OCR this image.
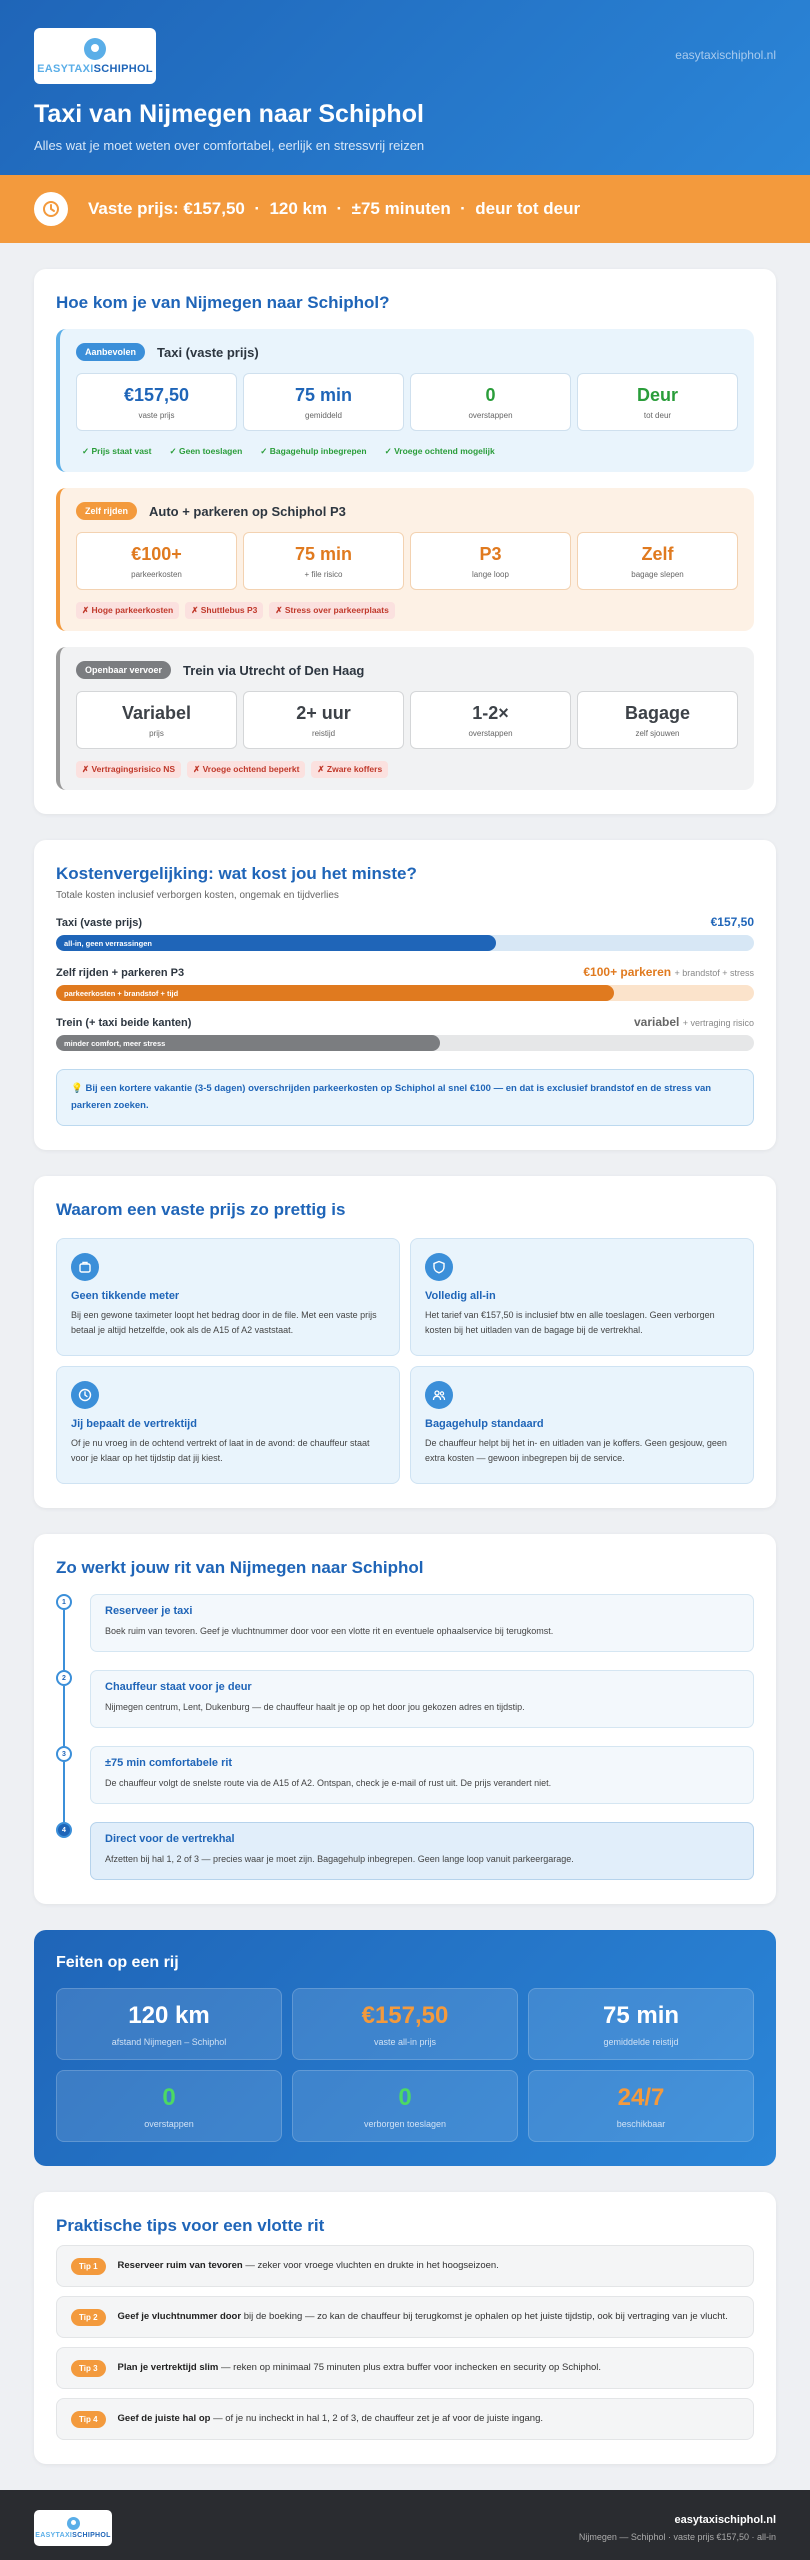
EASYTAXISCHIPHOL
easytaxischiphol.nl
Taxi van Nijmegen naar Schiphol
Alles wat je moet weten over comfortabel, eerlijk en stressvrij reizen
Vaste prijs: €157,50  ·  120 km  ·  ±75 minuten  ·  deur tot deur
Hoe kom je van Nijmegen naar Schiphol?
Aanbevolen	Taxi (vaste prijs)
€157,50
vaste prijs
75 min
gemiddeld
0
overstappen
Deur
tot deur
✓ Prijs staat vast	✓ Geen toeslagen	✓ Bagagehulp inbegrepen	✓ Vroege ochtend mogelijk
Zelf rijden	Auto + parkeren op Schiphol P3
€100+
parkeerkosten
75 min
+ file risico
P3
lange loop
Zelf
bagage slepen
✗ Hoge parkeerkosten	✗ Shuttlebus P3	✗ Stress over parkeerplaats
Openbaar vervoer	Trein via Utrecht of Den Haag
Variabel
prijs
2+ uur
reistijd
1-2×
overstappen
Bagage
zelf sjouwen
✗ Vertragingsrisico NS	✗ Vroege ochtend beperkt	✗ Zware koffers
Kostenvergelijking: wat kost jou het minste?
Totale kosten inclusief verborgen kosten, ongemak en tijdverlies
Taxi (vaste prijs)	€157,50
all-in, geen verrassingen
Zelf rijden + parkeren P3	€100+ parkeren + brandstof + stress
parkeerkosten + brandstof + tijd
Trein (+ taxi beide kanten)	variabel + vertraging risico
minder comfort, meer stress
💡 Bij een kortere vakantie (3-5 dagen) overschrijden parkeerkosten op Schiphol al snel €100 — en dat is exclusief brandstof en de stress van parkeren zoeken.
Waarom een vaste prijs zo prettig is
Geen tikkende meter
Bij een gewone taximeter loopt het bedrag door in de file. Met een vaste prijs betaal je altijd hetzelfde, ook als de A15 of A2 vaststaat.
Volledig all-in
Het tarief van €157,50 is inclusief btw en alle toeslagen. Geen verborgen kosten bij het uitladen van de bagage bij de vertrekhal.
Jij bepaalt de vertrektijd
Of je nu vroeg in de ochtend vertrekt of laat in de avond: de chauffeur staat voor je klaar op het tijdstip dat jij kiest.
Bagagehulp standaard
De chauffeur helpt bij het in- en uitladen van je koffers. Geen gesjouw, geen extra kosten — gewoon inbegrepen bij de service.
Zo werkt jouw rit van Nijmegen naar Schiphol
1
Reserveer je taxi
Boek ruim van tevoren. Geef je vluchtnummer door voor een vlotte rit en eventuele ophaalservice bij terugkomst.
2
Chauffeur staat voor je deur
Nijmegen centrum, Lent, Dukenburg — de chauffeur haalt je op op het door jou gekozen adres en tijdstip.
3
±75 min comfortabele rit
De chauffeur volgt de snelste route via de A15 of A2. Ontspan, check je e-mail of rust uit. De prijs verandert niet.
4
Direct voor de vertrekhal
Afzetten bij hal 1, 2 of 3 — precies waar je moet zijn. Bagagehulp inbegrepen. Geen lange loop vanuit parkeergarage.
Feiten op een rij
120 km
afstand Nijmegen – Schiphol
€157,50
vaste all-in prijs
75 min
gemiddelde reistijd
0
overstappen
0
verborgen toeslagen
24/7
beschikbaar
Praktische tips voor een vlotte rit
Tip 1	Reserveer ruim van tevoren — zeker voor vroege vluchten en drukte in het hoogseizoen.
Tip 2	Geef je vluchtnummer door bij de boeking — zo kan de chauffeur bij terugkomst je ophalen op het juiste tijdstip, ook bij vertraging van je vlucht.
Tip 3	Plan je vertrektijd slim — reken op minimaal 75 minuten plus extra buffer voor inchecken en security op Schiphol.
Tip 4	Geef de juiste hal op — of je nu incheckt in hal 1, 2 of 3, de chauffeur zet je af voor de juiste ingang.
EASYTAXISCHIPHOL
easytaxischiphol.nl
Nijmegen — Schiphol · vaste prijs €157,50 · all-in
